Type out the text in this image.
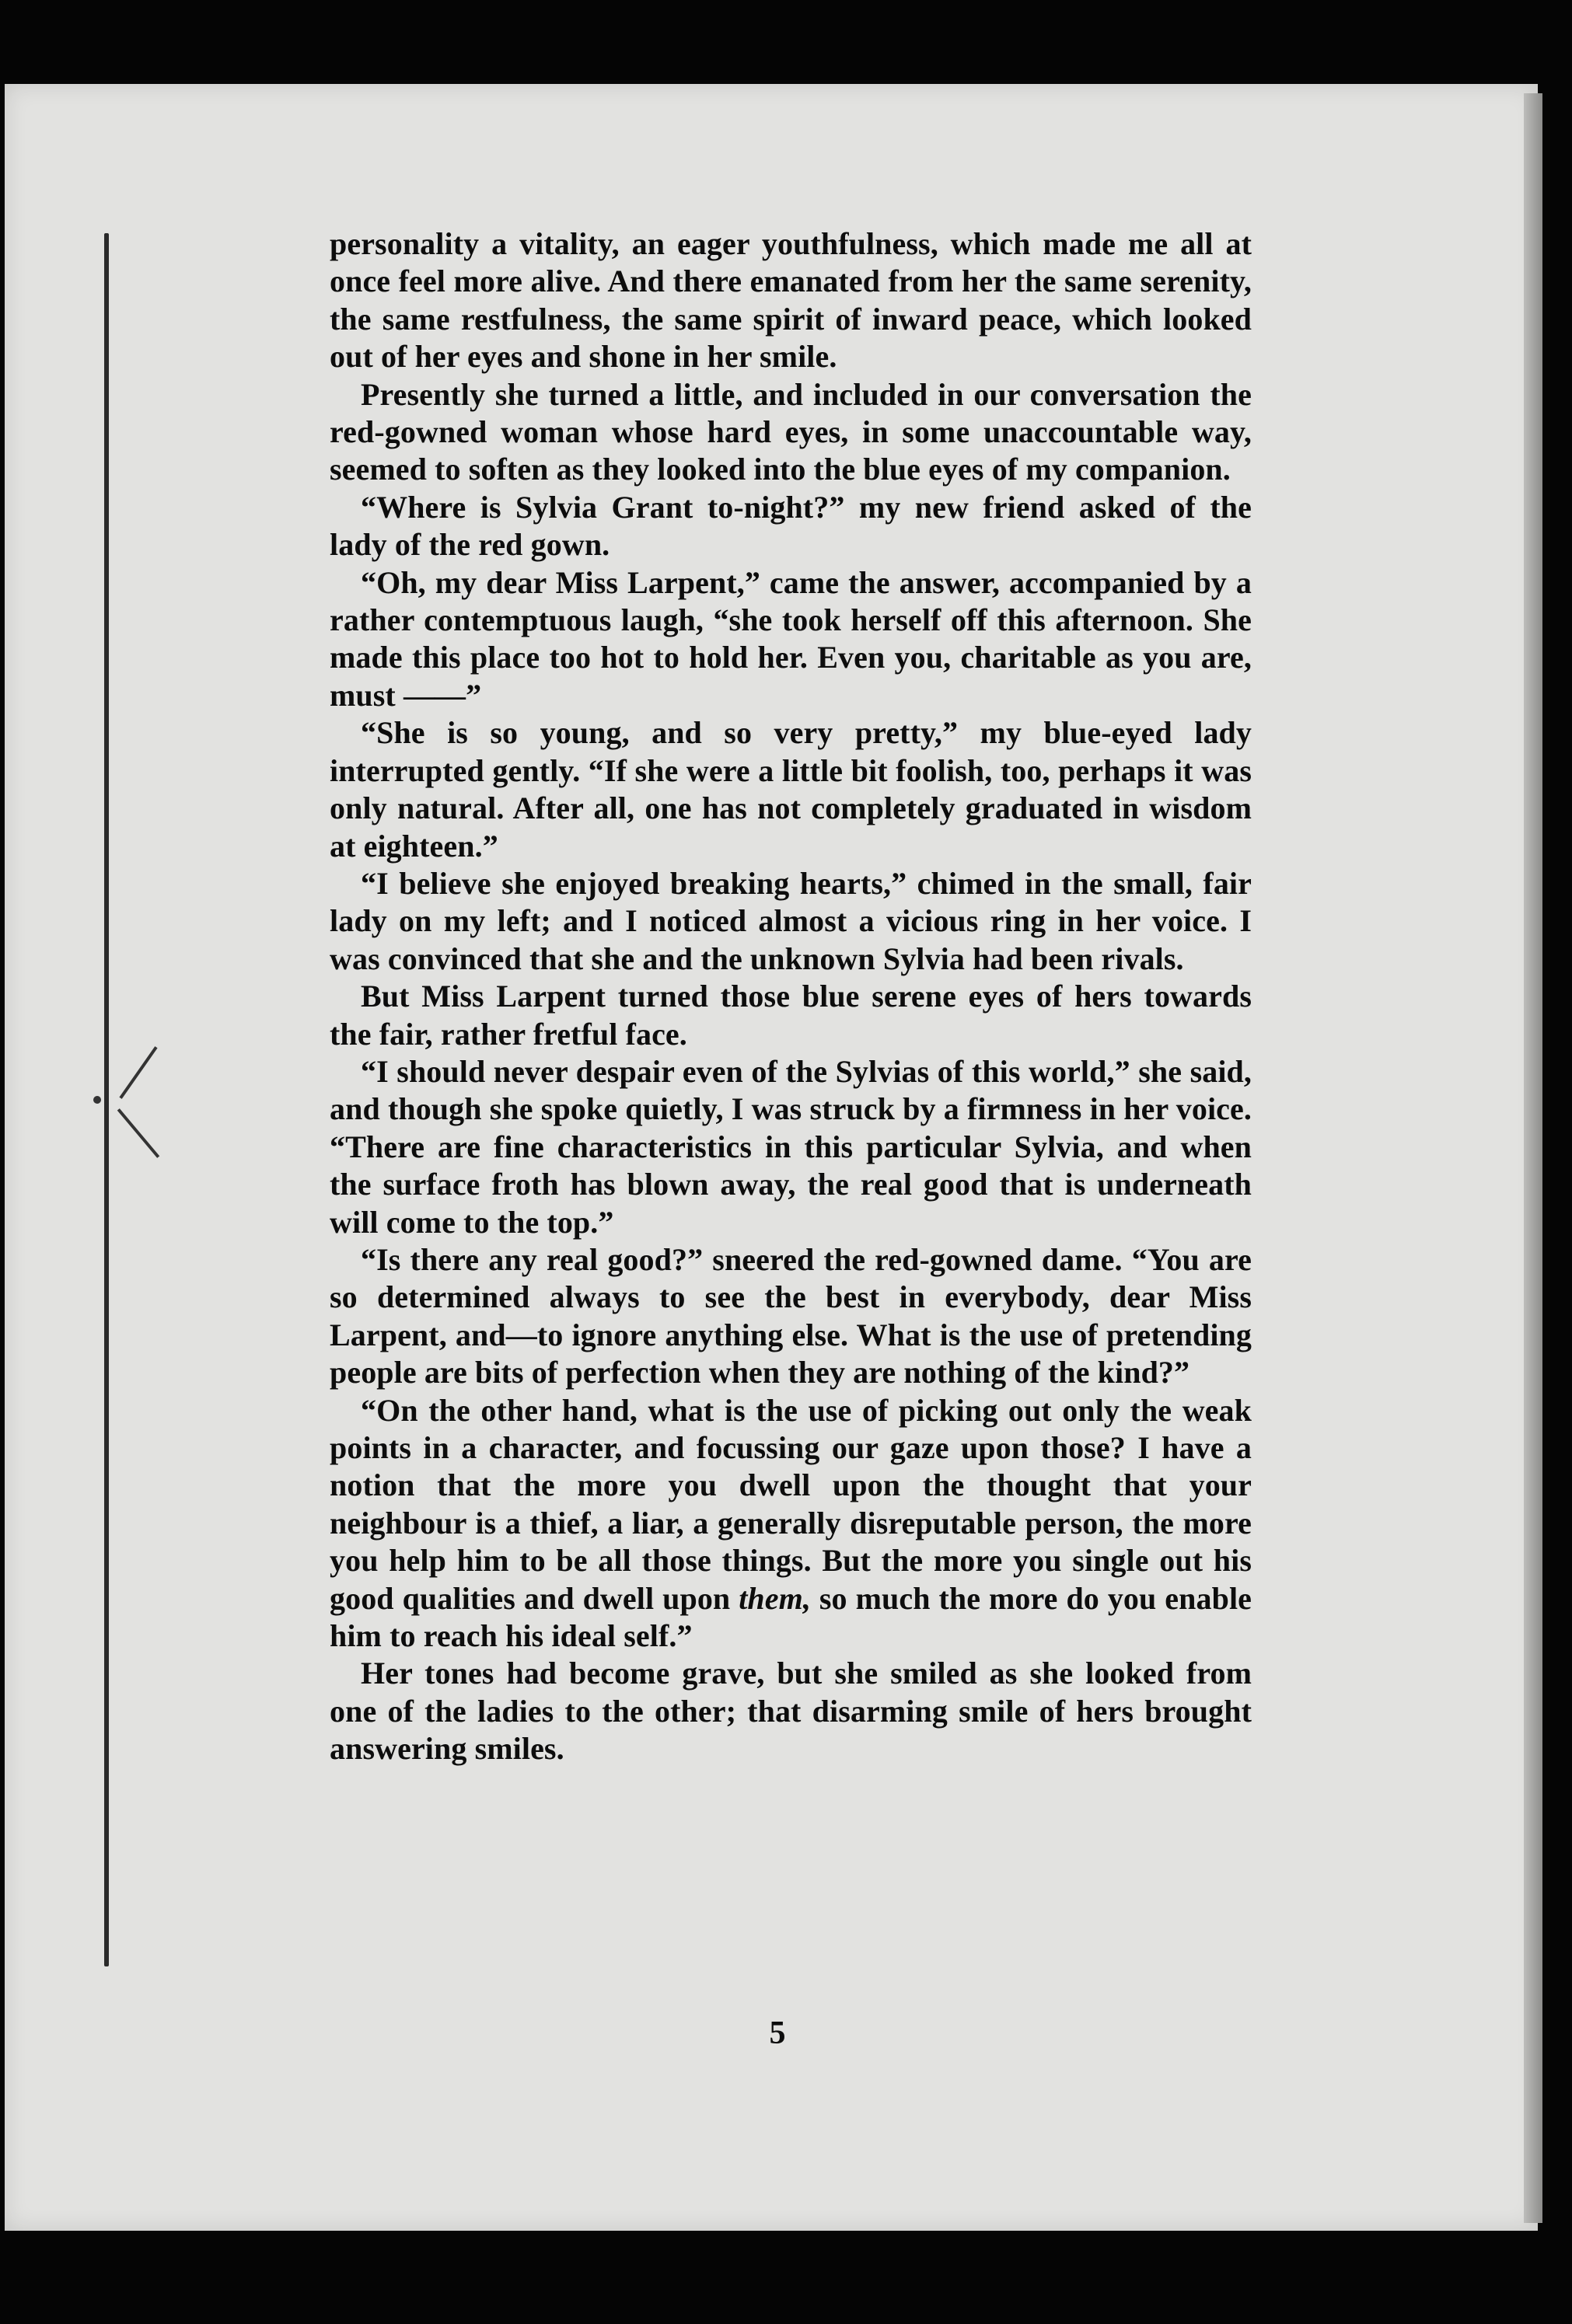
personality a vitality, an eager youthfulness, which made me all at once feel more alive. And there emanated from her the same serenity, the same restfulness, the same spirit of inward peace, which looked out of her eyes and shone in her smile.

Presently she turned a little, and included in our conversation the red-gowned woman whose hard eyes, in some unaccountable way, seemed to soften as they looked into the blue eyes of my companion.

“Where is Sylvia Grant to-night?” my new friend asked of the lady of the red gown.

“Oh, my dear Miss Larpent,” came the answer, accompanied by a rather contemptuous laugh, “she took herself off this afternoon. She made this place too hot to hold her. Even you, charitable as you are, must ——”

“She is so young, and so very pretty,” my blue-eyed lady interrupted gently. “If she were a little bit foolish, too, perhaps it was only natural. After all, one has not completely graduated in wisdom at eighteen.”

“I believe she enjoyed breaking hearts,” chimed in the small, fair lady on my left; and I noticed almost a vicious ring in her voice. I was convinced that she and the unknown Sylvia had been rivals.

But Miss Larpent turned those blue serene eyes of hers towards the fair, rather fretful face.

“I should never despair even of the Sylvias of this world,” she said, and though she spoke quietly, I was struck by a firmness in her voice. “There are fine characteristics in this particular Sylvia, and when the surface froth has blown away, the real good that is underneath will come to the top.”

“Is there any real good?” sneered the red-gowned dame. “You are so determined always to see the best in everybody, dear Miss Larpent, and—to ignore anything else. What is the use of pretending people are bits of perfection when they are nothing of the kind?”

“On the other hand, what is the use of picking out only the weak points in a character, and focussing our gaze upon those? I have a notion that the more you dwell upon the thought that your neighbour is a thief, a liar, a generally disreputable person, the more you help him to be all those things. But the more you single out his good qualities and dwell upon them, so much the more do you enable him to reach his ideal self.”

Her tones had become grave, but she smiled as she looked from one of the ladies to the other; that disarming smile of hers brought answering smiles.

5
